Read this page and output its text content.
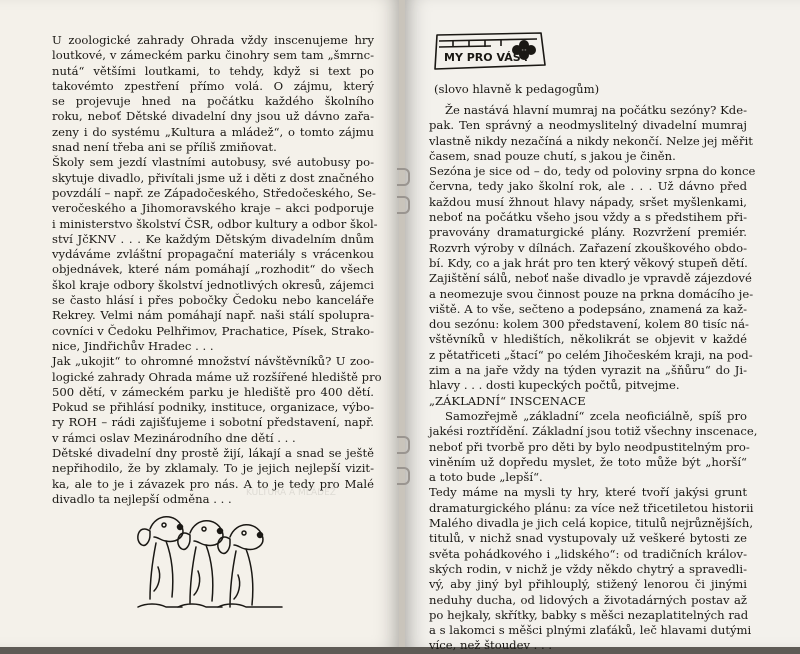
KULTURA A MLÁDEŽ

U zoologické zahrady Ohrada vždy inscenujeme hry
loutkové, v zámeckém parku činohry sem tam „šmrnc-
nutá“ většími loutkami, to tehdy, když si text po
takovémto zpestření přímo volá. O zájmu, který
se projevuje hned na počátku každého školního
roku, neboť Dětské divadelní dny jsou už dávno zařa-
zeny i do systému „Kultura a mládež“, o tomto zájmu
snad není třeba ani se příliš zmiňovat.

Školy sem jezdí vlastními autobusy, své autobusy po-
skytuje divadlo, přivítali jsme už i děti z dost značného
povzdálí – např. ze Západočeského, Středočeského, Se-
veročeského a Jihomoravského kraje – akci podporuje
i ministerstvo školství ČSR, odbor kultury a odbor škol-
ství JčKNV . . . Ke každým Dětským divadelním dnům
vydáváme zvláštní propagační materiály s vrácenkou
objednávek, které nám pomáhají „rozhodit“ do všech
škol kraje odbory školství jednotlivých okresů, zájemci
se často hlásí i přes pobočky Čedoku nebo kanceláře
Rekrey. Velmi nám pomáhají např. naši stálí spolupra-
covníci v Čedoku Pelhřimov, Prachatice, Písek, Strako-
nice, Jindřichův Hradec . . .

Jak „ukojit“ to ohromné množství návštěvníků? U zoo-
logické zahrady Ohrada máme už rozšířené hlediště pro
500 dětí, v zámeckém parku je hlediště pro 400 dětí.
Pokud se přihlásí podniky, instituce, organizace, výbo-
ry ROH – rádi zajišťujeme i sobotní představení, např.
v rámci oslav Mezinárodního dne dětí . . .

Dětské divadelní dny prostě žijí, lákají a snad se ještě
nepřihodilo, že by zklamaly. To je jejich nejlepší vizit-
ka, ale to je i závazek pro nás. A to je tedy pro Malé
divadlo ta nejlepší odměna . . .

MY PRO VÁS
(slovo hlavně k pedagogům)

Že nastává hlavní mumraj na počátku sezóny? Kde-
pak. Ten správný a neodmyslitelný divadelní mumraj
vlastně nikdy nezačíná a nikdy nekončí. Nelze jej měřit
časem, snad pouze chutí, s jakou je činěn.

Sezóna je sice od – do, tedy od poloviny srpna do konce
června, tedy jako školní rok, ale . . . Už dávno před
každou musí žhnout hlavy nápady, sršet myšlenkami,
neboť na počátku všeho jsou vždy a s předstihem při-
pravovány dramaturgické plány. Rozvržení premiér.
Rozvrh výroby v dílnách. Zařazení zkouškového obdo-
bí. Kdy, co a jak hrát pro ten který věkový stupeň dětí.
Zajištění sálů, neboť naše divadlo je vpravdě zájezdové
a neomezuje svou činnost pouze na prkna domácího je-
viště. A to vše, sečteno a podepsáno, znamená za kaž-
dou sezónu: kolem 300 představení, kolem 80 tisíc ná-
vštěvníků v hledištích, několikrát se objevit v každé
z pětatřiceti „štací“ po celém Jihočeském kraji, na pod-
zim a na jaře vždy na týden vyrazit na „šňůru“ do Ji-
hlavy . . . dosti kupeckých počtů, pitvejme.

„ZÁKLADNÍ“ INSCENACE

Samozřejmě „základní“ zcela neoficiálně, spíš pro
jakési roztřídění. Základní jsou totiž všechny inscenace,
neboť při tvorbě pro děti by bylo neodpustitelným pro-
viněním už dopředu myslet, že toto může být „horší“
a toto bude „lepší“.

Tedy máme na mysli ty hry, které tvoří jakýsi grunt
dramaturgického plánu: za více než třicetiletou historii
Malého divadla je jich celá kopice, titulů nejrůznějších,
titulů, v nichž snad vystupovaly už veškeré bytosti ze
světa pohádkového i „lidského“: od tradičních králov-
ských rodin, v nichž je vždy někdo chytrý a spravedli-
vý, aby jiný byl přihlouplý, stižený lenorou či jinými
neduhy ducha, od lidových a životadárných postav až
po hejkaly, skřítky, babky s měšci nezaplatitelných rad
a s lakomci s měšci plnými zlaťáků, leč hlavami dutými
více, než štoudev . . .
